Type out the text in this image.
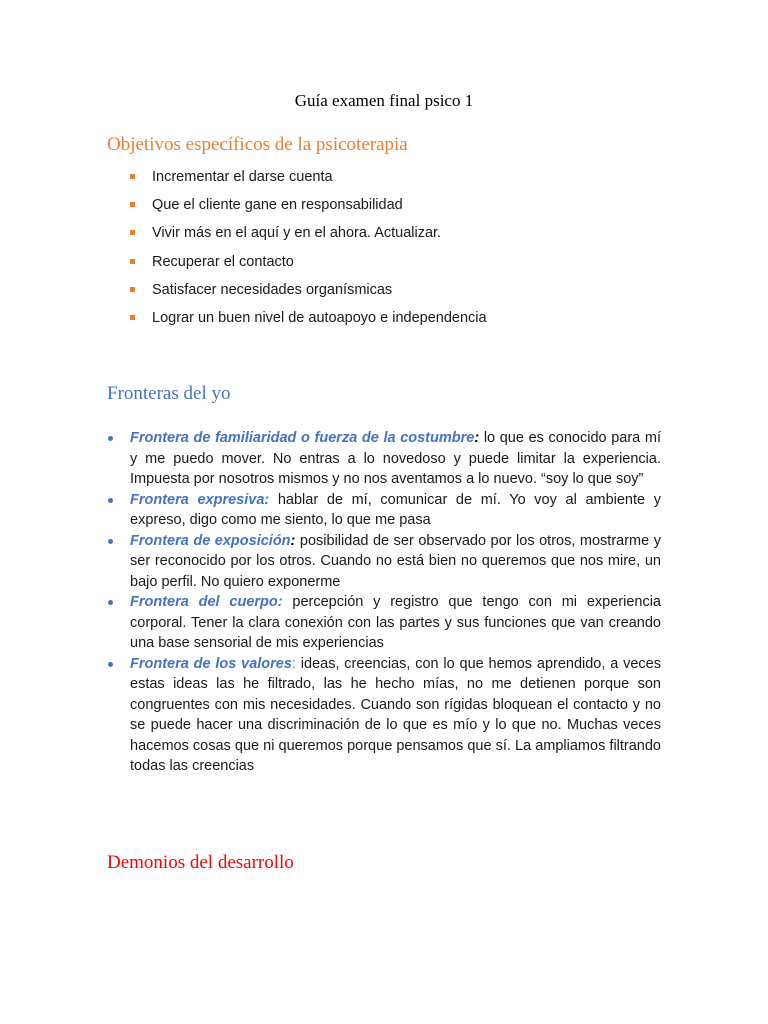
Guía examen final psico 1
Objetivos específicos de la psicoterapia
Incrementar el darse cuenta
Que el cliente gane en responsabilidad
Vivir más en el aquí y en el ahora. Actualizar.
Recuperar el contacto
Satisfacer necesidades organísmicas
Lograr un buen nivel de autoapoyo e independencia
Fronteras del yo
Frontera de familiaridad o fuerza de la costumbre: lo que es conocido para mí y me puedo mover. No entras a lo novedoso y puede limitar la experiencia. Impuesta por nosotros mismos y no nos aventamos a lo nuevo. “soy lo que soy”
Frontera expresiva: hablar de mí, comunicar de mí. Yo voy al ambiente y expreso, digo como me siento, lo que me pasa
Frontera de exposición: posibilidad de ser observado por los otros, mostrarme y ser reconocido por los otros. Cuando no está bien no queremos que nos mire, un bajo perfil. No quiero exponerme
Frontera del cuerpo: percepción y registro que tengo con mi experiencia corporal. Tener la clara conexión con las partes y sus funciones que van creando una base sensorial de mis experiencias
Frontera de los valores: ideas, creencias, con lo que hemos aprendido, a veces estas ideas las he filtrado, las he hecho mías, no me detienen porque son congruentes con mis necesidades. Cuando son rígidas bloquean el contacto y no se puede hacer una discriminación de lo que es mío y lo que no. Muchas veces hacemos cosas que ni queremos porque pensamos que sí. La ampliamos filtrando todas las creencias
Demonios del desarrollo
